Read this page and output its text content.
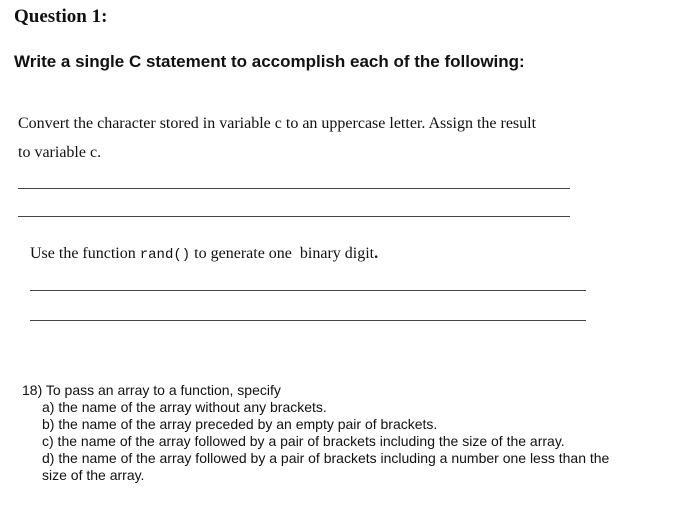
Question 1:
Write a single C statement to accomplish each of the following:
Convert the character stored in variable c to an uppercase letter. Assign the result
to variable c.
Use the function rand() to generate one  binary digit.
18) To pass an array to a function, specify
a) the name of the array without any brackets.
b) the name of the array preceded by an empty pair of brackets.
c) the name of the array followed by a pair of brackets including the size of the array.
d) the name of the array followed by a pair of brackets including a number one less than the
size of the array.
